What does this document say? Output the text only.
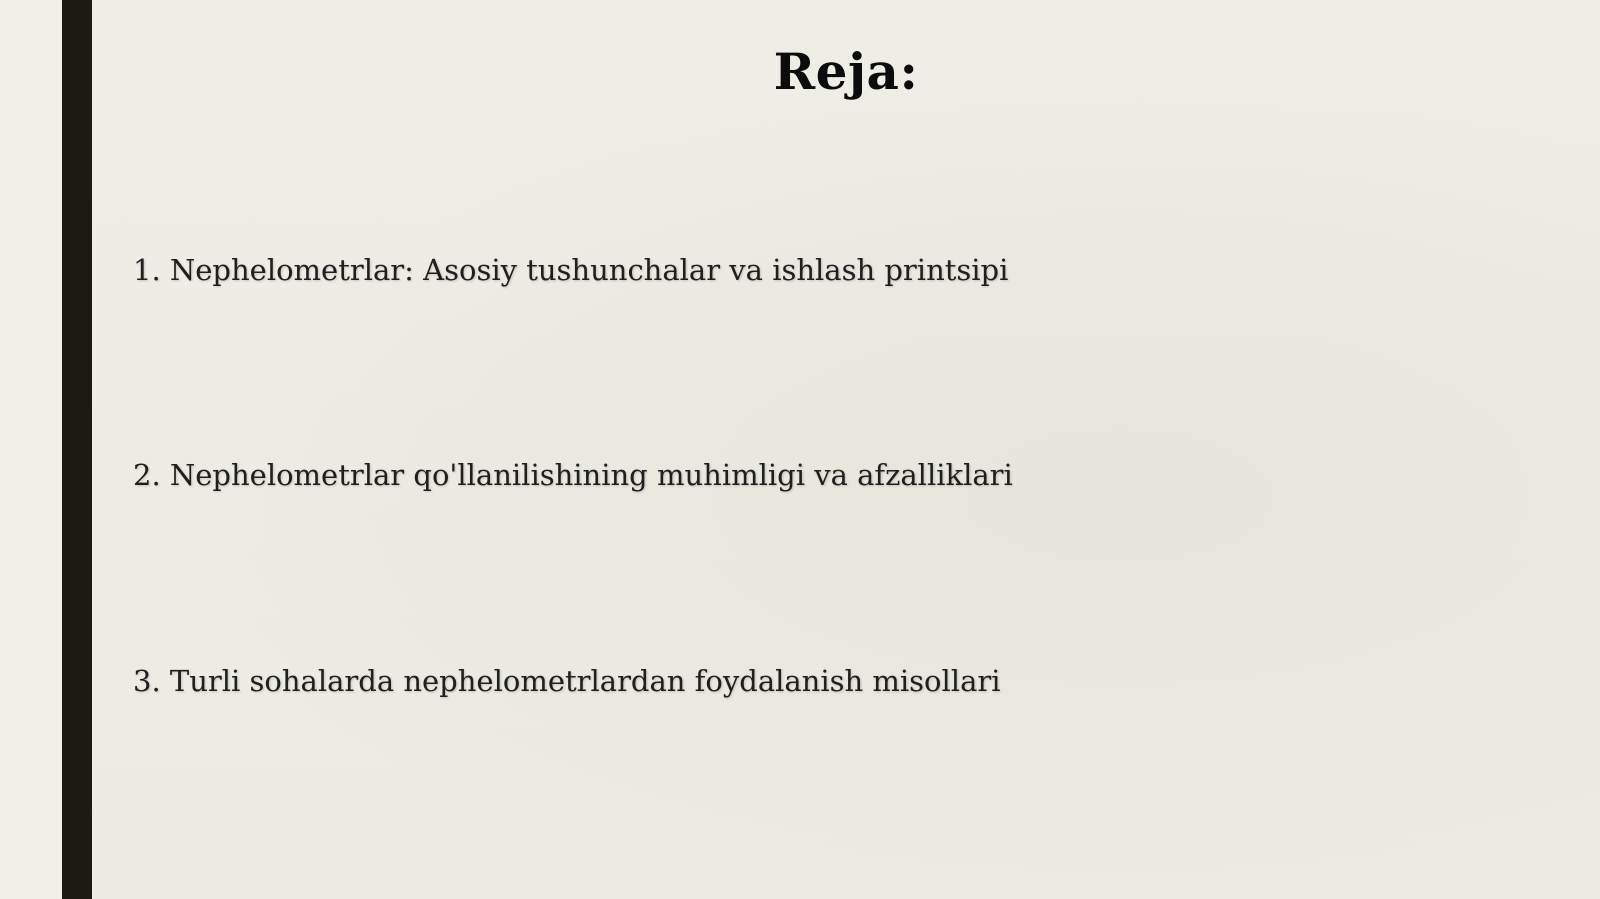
Reja:
1. Nephelometrlar: Asosiy tushunchalar va ishlash printsipi
2. Nephelometrlar qo'llanilishining muhimligi va afzalliklari
3. Turli sohalarda nephelometrlardan foydalanish misollari
